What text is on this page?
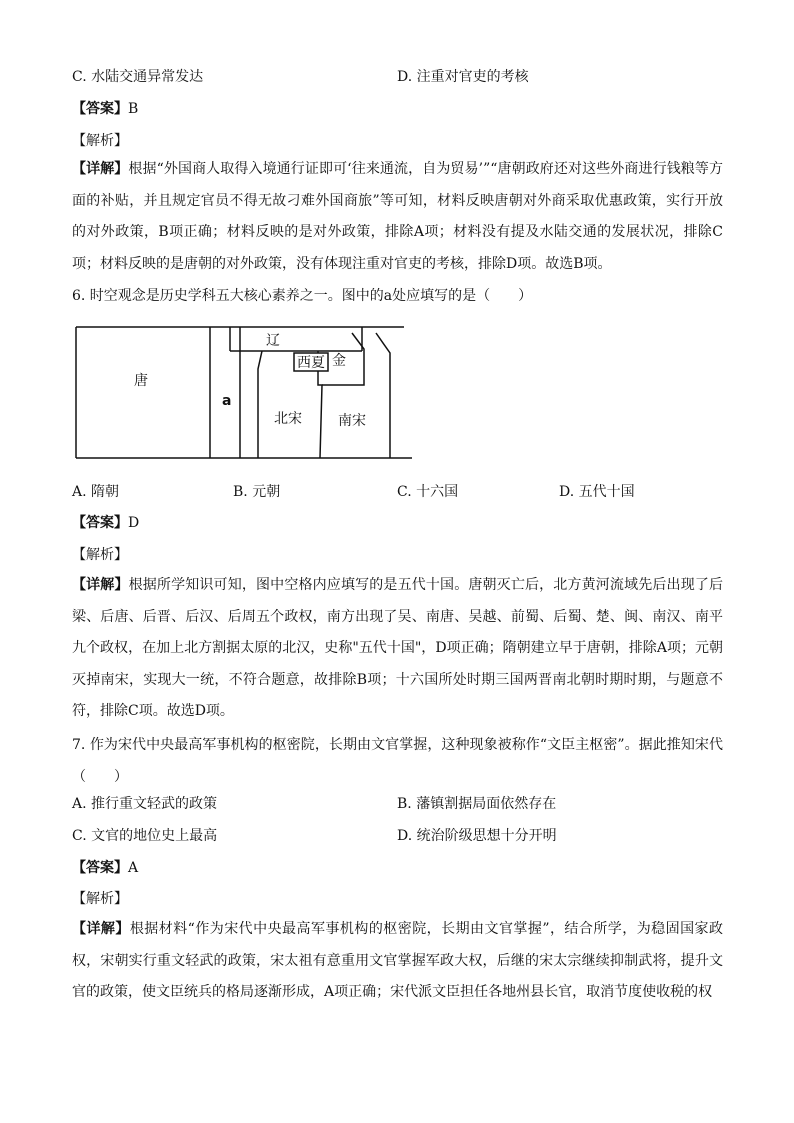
C. 水陆交通异常发达	D. 注重对官吏的考核
【答案】B
【解析】
【详解】根据“外国商人取得入境通行证即可‘往来通流，自为贸易’”“唐朝政府还对这些外商进行钱粮等方面的补贴，并且规定官员不得无故刁难外国商旅”等可知，材料反映唐朝对外商采取优惠政策，实行开放的对外政策，B项正确；材料反映的是对外政策，排除A项；材料没有提及水陆交通的发展状况，排除C项；材料反映的是唐朝的对外政策，没有体现注重对官吏的考核，排除D项。故选B项。
6. 时空观念是历史学科五大核心素养之一。图中的a处应填写的是（　　）
唐
a
辽
西夏 金
北宋	南宋
A. 隋朝	B. 元朝	C. 十六国	D. 五代十国
【答案】D
【解析】
【详解】根据所学知识可知，图中空格内应填写的是五代十国。唐朝灭亡后，北方黄河流域先后出现了后梁、后唐、后晋、后汉、后周五个政权，南方出现了吴、南唐、吴越、前蜀、后蜀、楚、闽、南汉、南平九个政权，在加上北方割据太原的北汉，史称"五代十国"，D项正确；隋朝建立早于唐朝，排除A项；元朝灭掉南宋，实现大一统，不符合题意，故排除B项；十六国所处时期三国两晋南北朝时期时期，与题意不符，排除C项。故选D项。
7. 作为宋代中央最高军事机构的枢密院，长期由文官掌握，这种现象被称作“文臣主枢密”。据此推知宋代（　　）
A. 推行重文轻武的政策	B. 藩镇割据局面依然存在
C. 文官的地位史上最高	D. 统治阶级思想十分开明
【答案】A
【解析】
【详解】根据材料“作为宋代中央最高军事机构的枢密院，长期由文官掌握”，结合所学，为稳固国家政权，宋朝实行重文轻武的政策，宋太祖有意重用文官掌握军政大权，后继的宋太宗继续抑制武将，提升文官的政策，使文臣统兵的格局逐渐形成，A项正确；宋代派文臣担任各地州县长官，取消节度使收税的权
